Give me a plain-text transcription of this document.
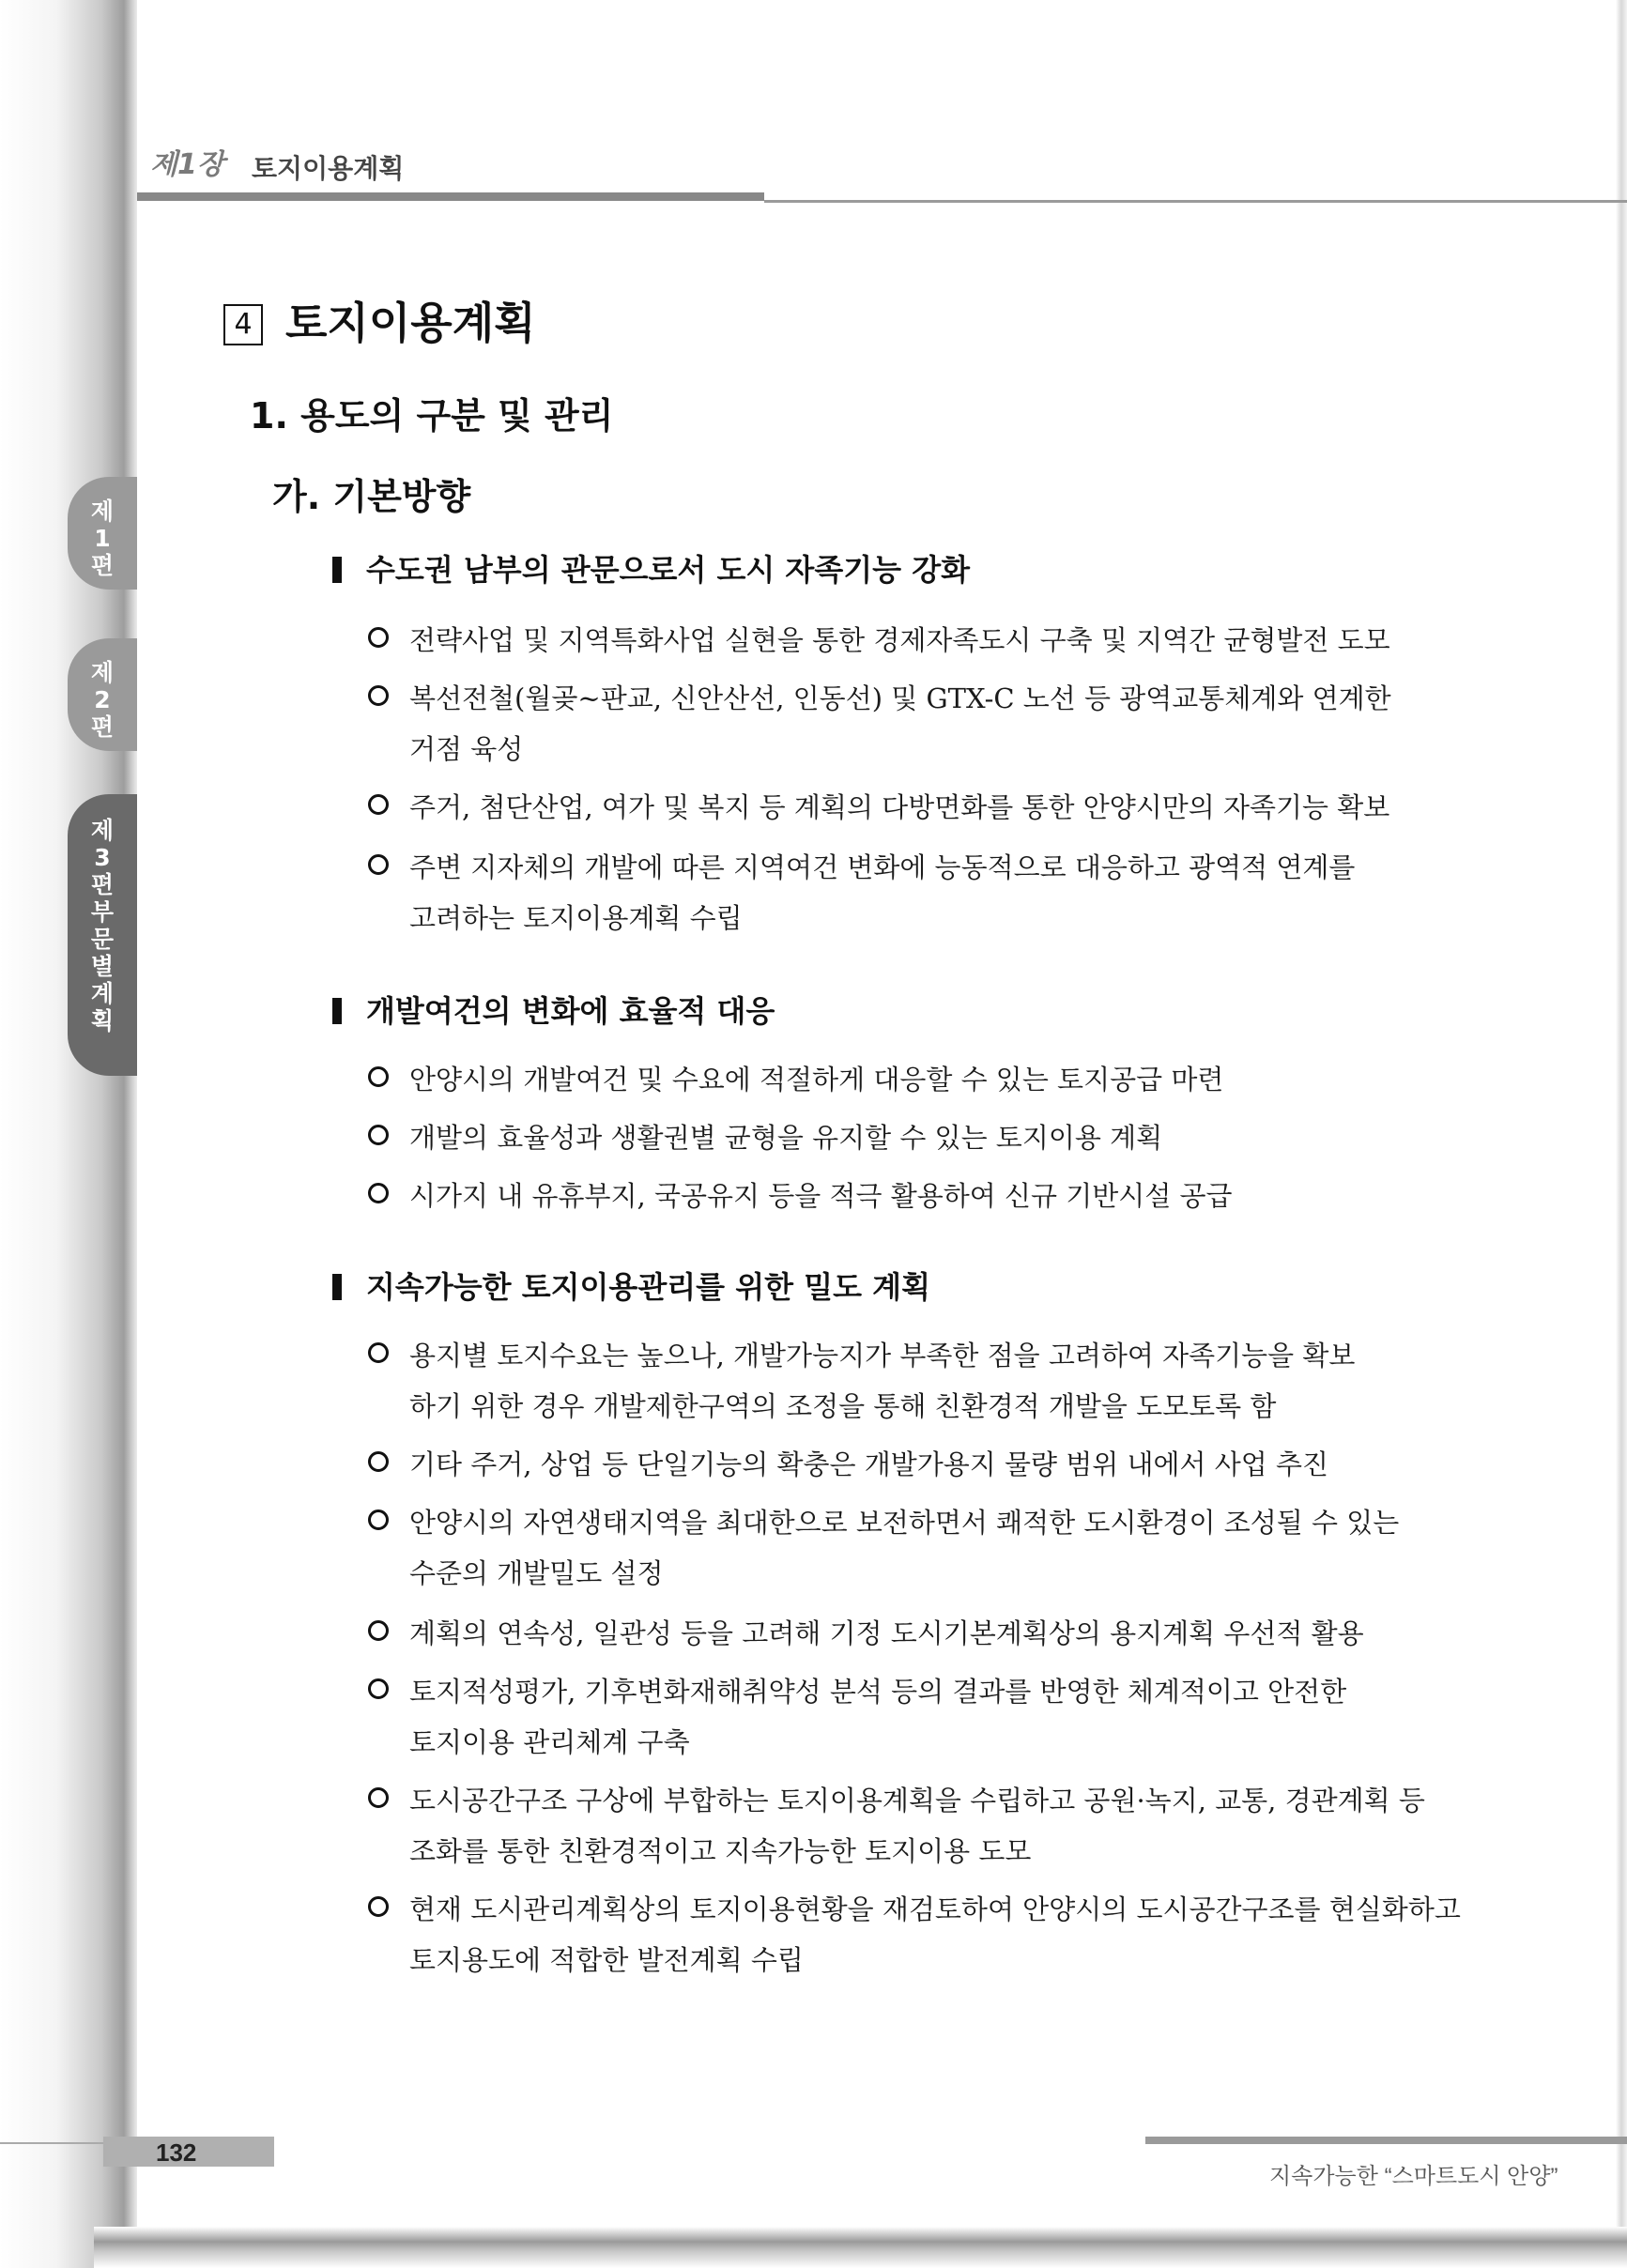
제1장 토지이용계획
제
1
편
제
2
편
제
3
편
부
문
별
계
획
4 토지이용계획
1. 용도의 구분 및 관리
가. 기본방향
수도권 남부의 관문으로서 도시 자족기능 강화
전략사업 및 지역특화사업 실현을 통한 경제자족도시 구축 및 지역간 균형발전 도모
복선전철(월곶~판교, 신안산선, 인동선) 및 GTX-C 노선 등 광역교통체계와 연계한
거점 육성
주거, 첨단산업, 여가 및 복지 등 계획의 다방면화를 통한 안양시만의 자족기능 확보
주변 지자체의 개발에 따른 지역여건 변화에 능동적으로 대응하고 광역적 연계를
고려하는 토지이용계획 수립
개발여건의 변화에 효율적 대응
안양시의 개발여건 및 수요에 적절하게 대응할 수 있는 토지공급 마련
개발의 효율성과 생활권별 균형을 유지할 수 있는 토지이용 계획
시가지 내 유휴부지, 국공유지 등을 적극 활용하여 신규 기반시설 공급
지속가능한 토지이용관리를 위한 밀도 계획
용지별 토지수요는 높으나, 개발가능지가 부족한 점을 고려하여 자족기능을 확보
하기 위한 경우 개발제한구역의 조정을 통해 친환경적 개발을 도모토록 함
기타 주거, 상업 등 단일기능의 확충은 개발가용지 물량 범위 내에서 사업 추진
안양시의 자연생태지역을 최대한으로 보전하면서 쾌적한 도시환경이 조성될 수 있는
수준의 개발밀도 설정
계획의 연속성, 일관성 등을 고려해 기정 도시기본계획상의 용지계획 우선적 활용
토지적성평가, 기후변화재해취약성 분석 등의 결과를 반영한 체계적이고 안전한
토지이용 관리체계 구축
도시공간구조 구상에 부합하는 토지이용계획을 수립하고 공원·녹지, 교통, 경관계획 등
조화를 통한 친환경적이고 지속가능한 토지이용 도모
현재 도시관리계획상의 토지이용현황을 재검토하여 안양시의 도시공간구조를 현실화하고
토지용도에 적합한 발전계획 수립
132
지속가능한 “스마트도시 안양”
